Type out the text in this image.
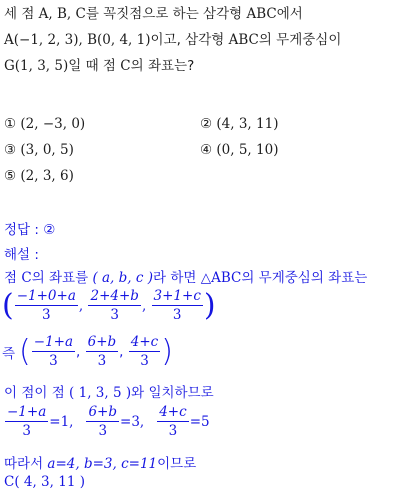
세 점 A, B, C를 꼭짓점으로 하는 삼각형 ABC에서
A(−1, 2, 3), B(0, 4, 1)이고, 삼각형 ABC의 무게중심이
G(1, 3, 5)일 때 점 C의 좌표는?
① (2, −3, 0)	② (4, 3, 11)
③ (3, 0, 5)	④ (0, 5, 10)
⑤ (2, 3, 6)
정답 : ②
해설 :
점 C의 좌표를 ( a, b, c )라 하면 △ABC의 무게중심의 좌표는
( $\frac{-1+0+a}{3}$ , $\frac{2+4+b}{3}$ , $\frac{3+1+c}{3}$ )
즉 ( $\frac{-1+a}{3}$ , $\frac{6+b}{3}$ , $\frac{4+c}{3}$ )
이 점이 점 ( 1, 3, 5 )와 일치하므로
$\frac{-1+a}{3} =1$, $\frac{6+b}{3} =3$, $\frac{4+c}{3} =5$
따라서 a=4, b=3, c=11이므로
C( 4, 3, 11 )
